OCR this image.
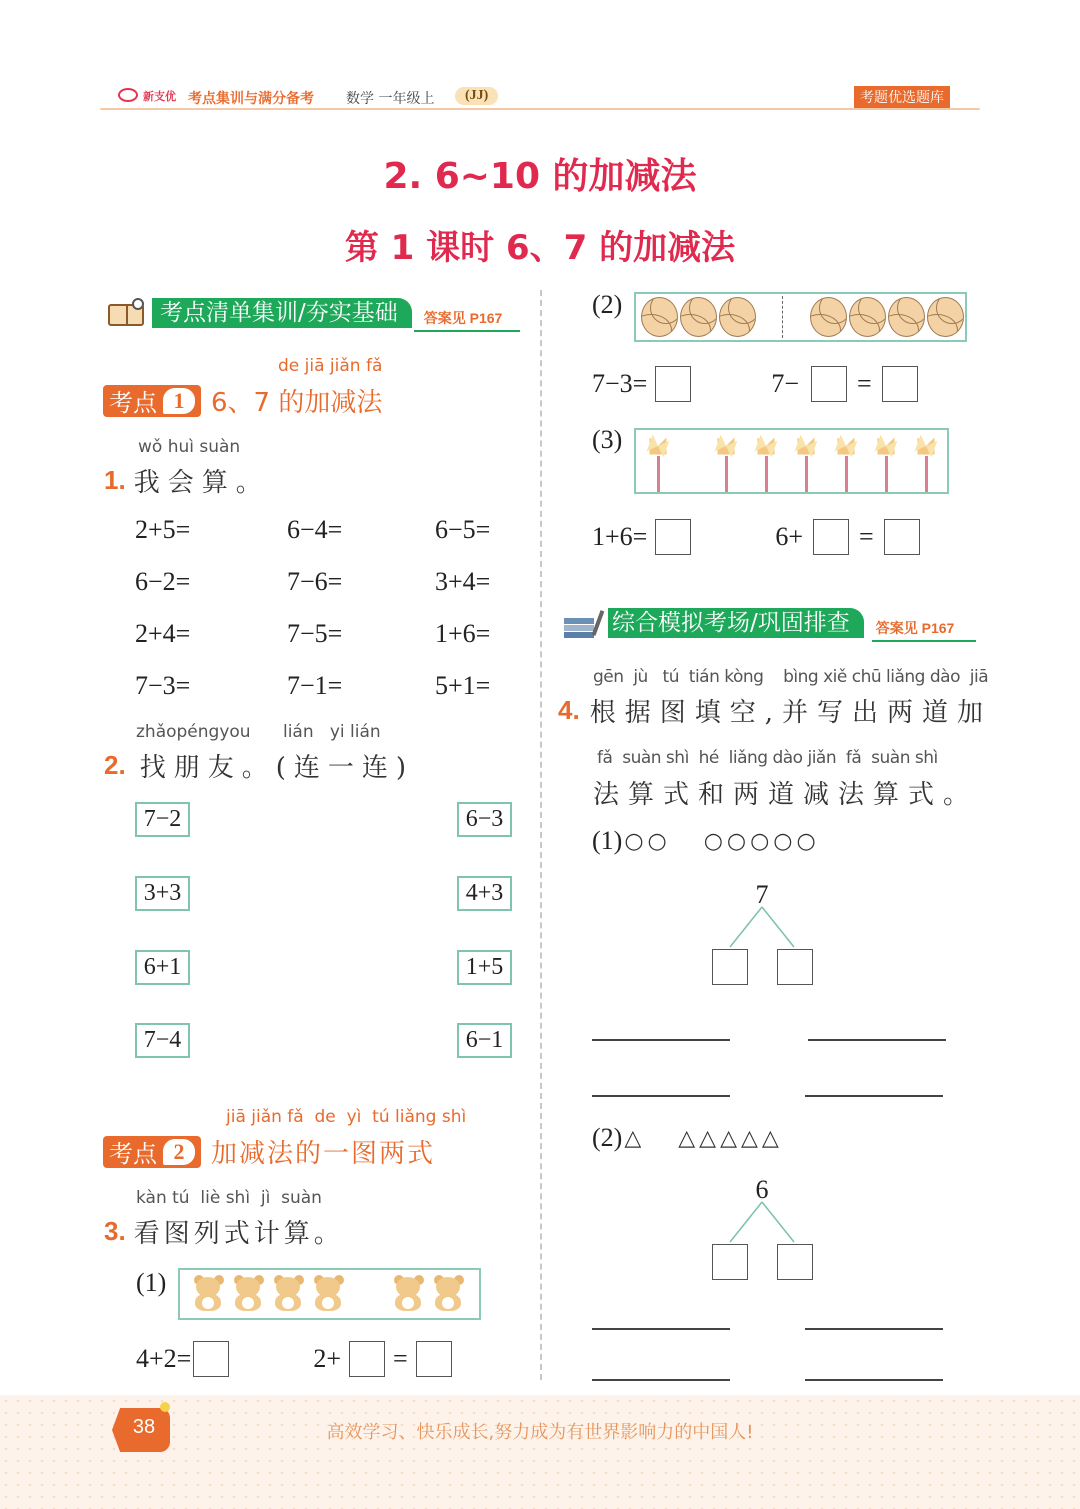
新支优 考点集训与满分备考 数学 一年级上	(JJ)	考题优选题库
2. 6~10 的加减法
第 1 课时 6、7 的加减法
考点清单集训/夯实基础	答案见 P167
de jiā jiǎn fǎ
考点 1	6、7 的加减法
wǒ huì suàn
1. 我会算。
2+5=	6−4=	6−5=
6−2=	7−6=	3+4=
2+4=	7−5=	1+6=
7−3=	7−1=	5+1=
zhǎopéngyou      lián   yi lián
2. 找朋友。(连一连)
7−2
3+3
6+1
7−4
6−3
4+3
1+5
6−1
jiā jiǎn fǎ  de  yì  tú liǎng shì
考点 2	加减法的一图两式
kàn tú  liè shì  jì  suàn
3. 看图列式计算。
(1)
4+2=	2+ =
(2)
7−3=	7− =
(3)
1+6=	6+ =
综合模拟考场/巩固排查	答案见 P167
gēn  jù   tú  tián kòng    bìng xiě chū liǎng dào  jiā
4. 根据图填空,并写出两道加
fǎ  suàn shì  hé  liǎng dào jiǎn  fǎ  suàn shì
法算式和两道减法算式。
(1) ○○   ○○○○○
7
(2) △   △△△△△
6
38	高效学习、快乐成长,努力成为有世界影响力的中国人!
